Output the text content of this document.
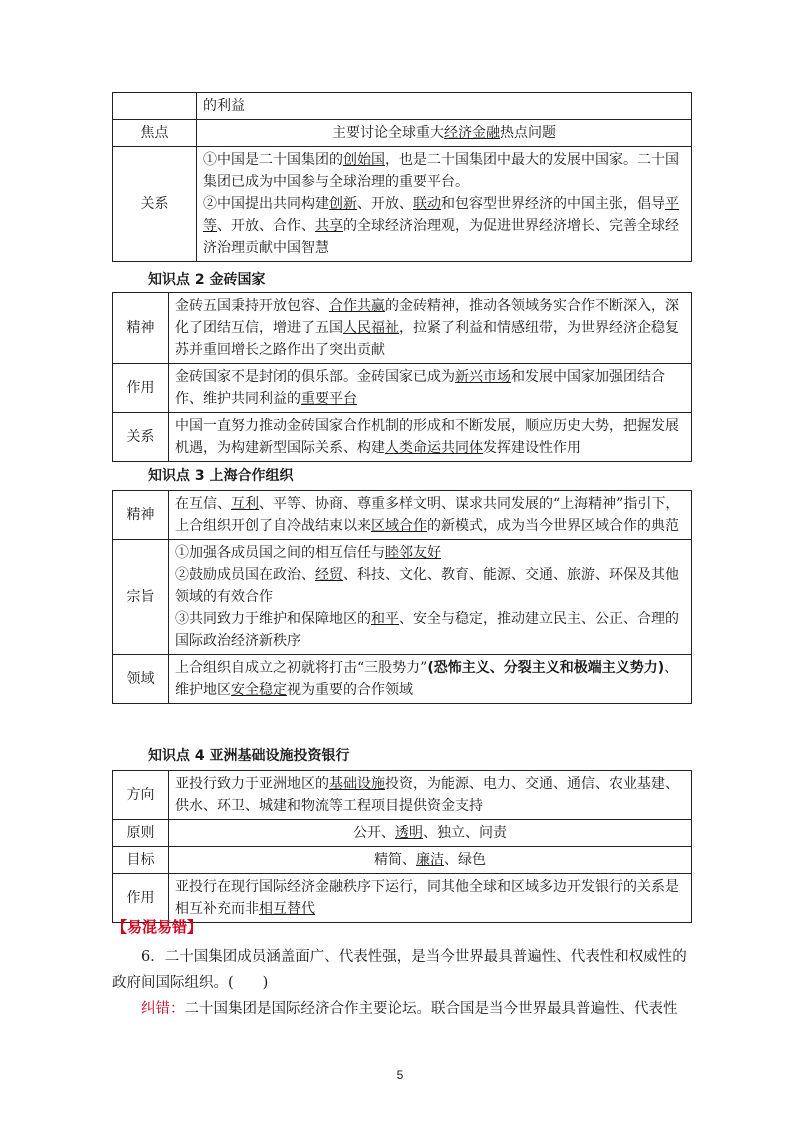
	的利益
焦点	主要讨论全球重大经济金融热点问题
关系	①中国是二十国集团的创始国，也是二十国集团中最大的发展中国家。二十国集团已成为中国参与全球治理的重要平台。
②中国提出共同构建创新、开放、联动和包容型世界经济的中国主张，倡导平等、开放、合作、共享的全球经济治理观，为促进世界经济增长、完善全球经济治理贡献中国智慧
知识点 2 金砖国家
精神	金砖五国秉持开放包容、合作共赢的金砖精神，推动各领域务实合作不断深入，深化了团结互信，增进了五国人民福祉，拉紧了利益和情感纽带，为世界经济企稳复苏并重回增长之路作出了突出贡献
作用	金砖国家不是封闭的俱乐部。金砖国家已成为新兴市场和发展中国家加强团结合作、维护共同利益的重要平台
关系	中国一直努力推动金砖国家合作机制的形成和不断发展，顺应历史大势，把握发展机遇，为构建新型国际关系、构建人类命运共同体发挥建设性作用
知识点 3 上海合作组织
精神	在互信、互利、平等、协商、尊重多样文明、谋求共同发展的“上海精神”指引下，上合组织开创了自冷战结束以来区域合作的新模式，成为当今世界区域合作的典范
宗旨	①加强各成员国之间的相互信任与睦邻友好
②鼓励成员国在政治、经贸、科技、文化、教育、能源、交通、旅游、环保及其他领域的有效合作
③共同致力于维护和保障地区的和平、安全与稳定，推动建立民主、公正、合理的国际政治经济新秩序

领域	上合组织自成立之初就将打击“三股势力”(恐怖主义、分裂主义和极端主义势力)、维护地区安全稳定视为重要的合作领域
知识点 4 亚洲基础设施投资银行
方向	亚投行致力于亚洲地区的基础设施投资，为能源、电力、交通、通信、农业基建、供水、环卫、城建和物流等工程项目提供资金支持
原则	公开、透明、独立、问责
目标	精简、廉洁、绿色
作用	亚投行在现行国际经济金融秩序下运行，同其他全球和区域多边开发银行的关系是相互补充而非相互替代
【易混易错】
6．二十国集团成员涵盖面广、代表性强，是当今世界最具普遍性、代表性和权威性的政府间国际组织。(　　)
纠错：二十国集团是国际经济合作主要论坛。联合国是当今世界最具普遍性、代表性
5
